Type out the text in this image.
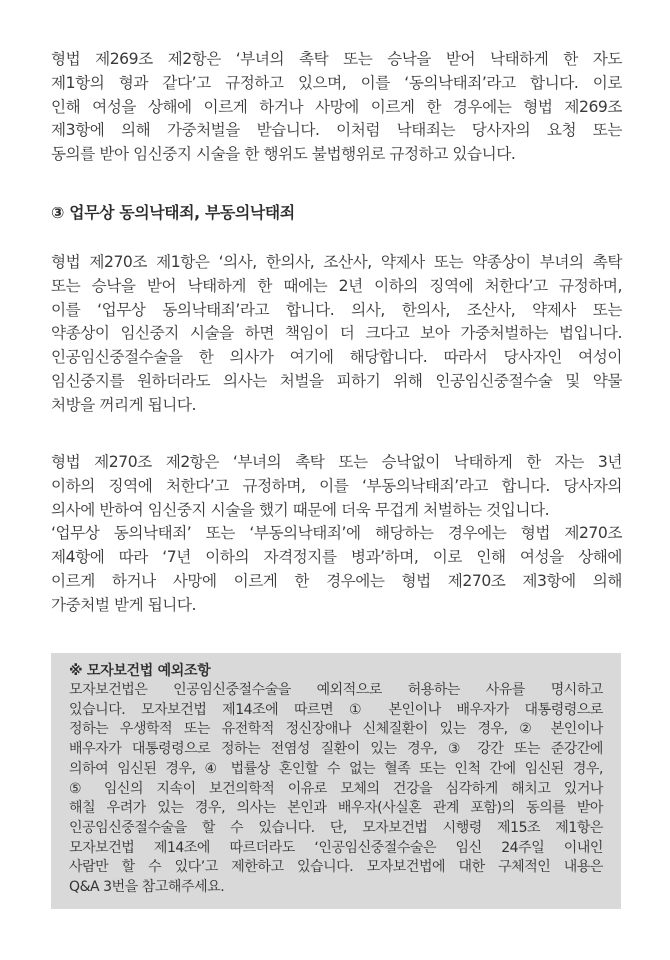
형법 제269조 제2항은 ‘부녀의 촉탁 또는 승낙을 받어 낙태하게 한 자도
제1항의 형과 같다’고 규정하고 있으며, 이를 ‘동의낙태죄’라고 합니다. 이로
인해 여성을 상해에 이르게 하거나 사망에 이르게 한 경우에는 형법 제269조
제3항에 의해 가중처벌을 받습니다. 이처럼 낙태죄는 당사자의 요청 또는
동의를 받아 임신중지 시술을 한 행위도 불법행위로 규정하고 있습니다.
③ 업무상 동의낙태죄, 부동의낙태죄
형법 제270조 제1항은 ‘의사, 한의사, 조산사, 약제사 또는 약종상이 부녀의 촉탁
또는 승낙을 받어 낙태하게 한 때에는 2년 이하의 징역에 처한다’고 규정하며,
이를 ‘업무상 동의낙태죄’라고 합니다. 의사, 한의사, 조산사, 약제사 또는
약종상이 임신중지 시술을 하면 책임이 더 크다고 보아 가중처벌하는 법입니다.
인공임신중절수술을 한 의사가 여기에 해당합니다. 따라서 당사자인 여성이
임신중지를 원하더라도 의사는 처벌을 피하기 위해 인공임신중절수술 및 약물
처방을 꺼리게 됩니다.
형법 제270조 제2항은 ‘부녀의 촉탁 또는 승낙없이 낙태하게 한 자는 3년
이하의 징역에 처한다’고 규정하며, 이를 ‘부동의낙태죄’라고 합니다. 당사자의
의사에 반하여 임신중지 시술을 했기 때문에 더욱 무겁게 처벌하는 것입니다.
‘업무상 동의낙태죄’ 또는 ‘부동의낙태죄’에 해당하는 경우에는 형법 제270조
제4항에 따라 ‘7년 이하의 자격정지를 병과’하며, 이로 인해 여성을 상해에
이르게 하거나 사망에 이르게 한 경우에는 형법 제270조 제3항에 의해
가중처벌 받게 됩니다.
※ 모자보건법 예외조항
모자보건법은 인공임신중절수술을 예외적으로 허용하는 사유를 명시하고
있습니다. 모자보건법 제14조에 따르면 ① 본인이나 배우자가 대통령령으로
정하는 우생학적 또는 유전학적 정신장애나 신체질환이 있는 경우, ② 본인이나
배우자가 대통령령으로 정하는 전염성 질환이 있는 경우, ③ 강간 또는 준강간에
의하여 임신된 경우, ④ 법률상 혼인할 수 없는 혈족 또는 인척 간에 임신된 경우,
⑤ 임신의 지속이 보건의학적 이유로 모체의 건강을 심각하게 해치고 있거나
해칠 우려가 있는 경우, 의사는 본인과 배우자(사실혼 관계 포함)의 동의를 받아
인공임신중절수술을 할 수 있습니다. 단, 모자보건법 시행령 제15조 제1항은
모자보건법 제14조에 따르더라도 ‘인공임신중절수술은 임신 24주일 이내인
사람만 할 수 있다’고 제한하고 있습니다. 모자보건법에 대한 구체적인 내용은
Q&A 3번을 참고해주세요.
